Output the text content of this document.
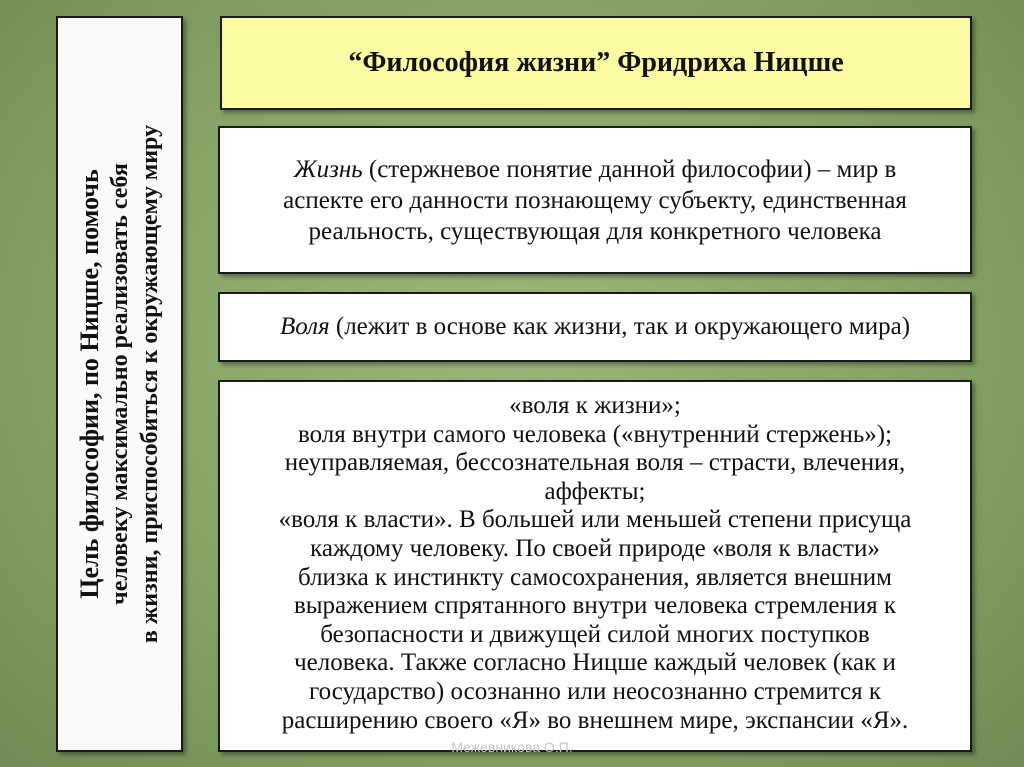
Цель философии, по Ницше, помочь человеку максимально реализовать себя в жизни, приспособиться к окружающему миру
“Философия жизни” Фридриха Ницше
Жизнь (стержневое понятие данной философии) – мир в
аспекте его данности познающему субъекту, единственная
реальность, существующая для конкретного человека
Воля (лежит в основе как жизни, так и окружающего мира)
«воля к жизни»;
воля внутри самого человека («внутренний стержень»);
неуправляемая, бессознательная воля – страсти, влечения,
аффекты;
«воля к власти». В большей или меньшей степени присуща
каждому человеку. По своей природе «воля к власти»
близка к инстинкту самосохранения, является внешним
выражением спрятанного внутри человека стремления к
безопасности и движущей силой многих поступков
человека. Также согласно Ницше каждый человек (как и
государство) осознанно или неосознанно стремится к
расширению своего «Я» во внешнем мире, экспансии «Я».
Межевникова О.П.
